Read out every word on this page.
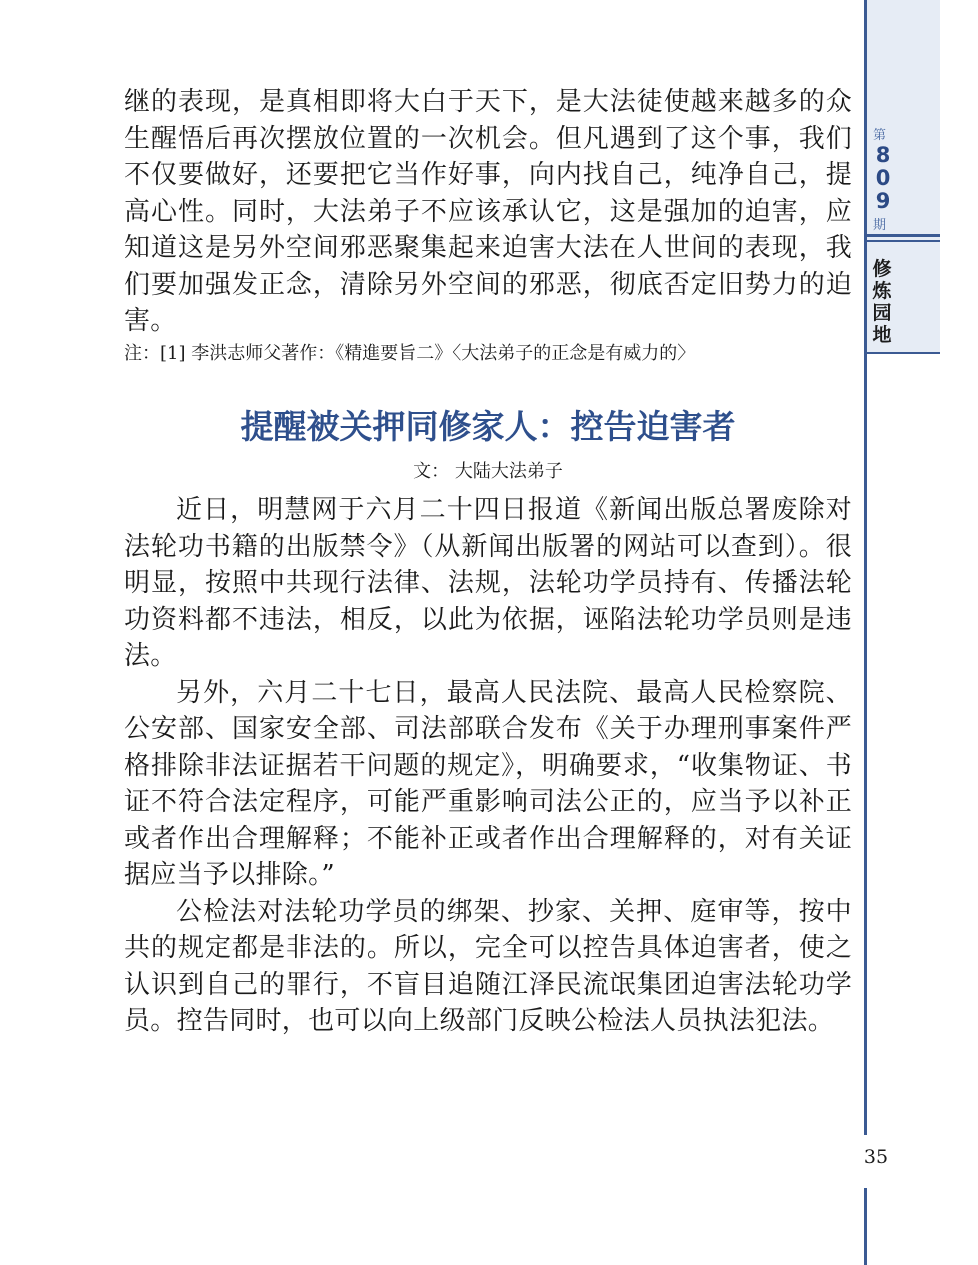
第
809
期
修炼园地

继的表现，是真相即将大白于天下，是大法徒使越来越多的众生醒悟后再次摆放位置的一次机会。但凡遇到了这个事，我们不仅要做好，还要把它当作好事，向内找自己，纯净自己，提高心性。同时，大法弟子不应该承认它，这是强加的迫害，应知道这是另外空间邪恶聚集起来迫害大法在人世间的表现，我们要加强发正念，清除另外空间的邪恶，彻底否定旧势力的迫害。

注：[1] 李洪志师父著作：《精進要旨二》〈大法弟子的正念是有威力的〉
提醒被关押同修家人：控告迫害者
文： 大陆大法弟子

近日，明慧网于六月二十四日报道《新闻出版总署废除对法轮功书籍的出版禁令》（从新闻出版署的网站可以查到）。很明显，按照中共现行法律、法规，法轮功学员持有、传播法轮功资料都不违法，相反，以此为依据，诬陷法轮功学员则是违法。

另外，六月二十七日，最高人民法院、最高人民检察院、公安部、国家安全部、司法部联合发布《关于办理刑事案件严格排除非法证据若干问题的规定》，明确要求，“收集物证、书证不符合法定程序，可能严重影响司法公正的，应当予以补正或者作出合理解释；不能补正或者作出合理解释的，对有关证据应当予以排除。”

公检法对法轮功学员的绑架、抄家、关押、庭审等，按中共的规定都是非法的。所以，完全可以控告具体迫害者，使之认识到自己的罪行，不盲目追随江泽民流氓集团迫害法轮功学员。控告同时，也可以向上级部门反映公检法人员执法犯法。

35
